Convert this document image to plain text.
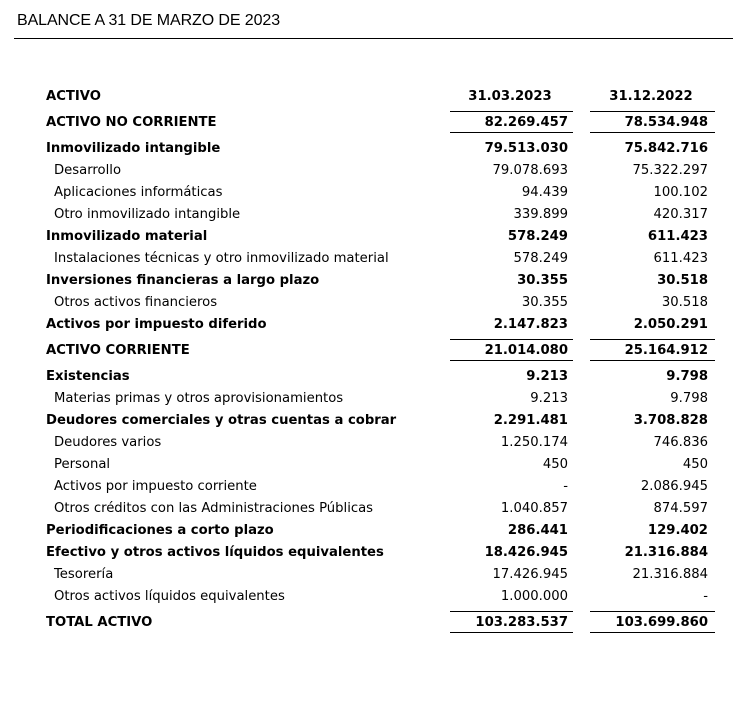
BALANCE A 31 DE MARZO DE 2023
ACTIVO	31.03.2023	31.12.2022
ACTIVO NO CORRIENTE	82.269.457	78.534.948
Inmovilizado intangible	79.513.030	75.842.716
Desarrollo	79.078.693	75.322.297
Aplicaciones informáticas	94.439	100.102
Otro inmovilizado intangible	339.899	420.317
Inmovilizado material	578.249	611.423
Instalaciones técnicas y otro inmovilizado material	578.249	611.423
Inversiones financieras a largo plazo	30.355	30.518
Otros activos financieros	30.355	30.518
Activos por impuesto diferido	2.147.823	2.050.291
ACTIVO CORRIENTE	21.014.080	25.164.912
Existencias	9.213	9.798
Materias primas y otros aprovisionamientos	9.213	9.798
Deudores comerciales y otras cuentas a cobrar	2.291.481	3.708.828
Deudores varios	1.250.174	746.836
Personal	450	450
Activos por impuesto corriente	-	2.086.945
Otros créditos con las Administraciones Públicas	1.040.857	874.597
Periodificaciones a corto plazo	286.441	129.402
Efectivo y otros activos líquidos equivalentes	18.426.945	21.316.884
Tesorería	17.426.945	21.316.884
Otros activos líquidos equivalentes	1.000.000	-
TOTAL ACTIVO	103.283.537	103.699.860
